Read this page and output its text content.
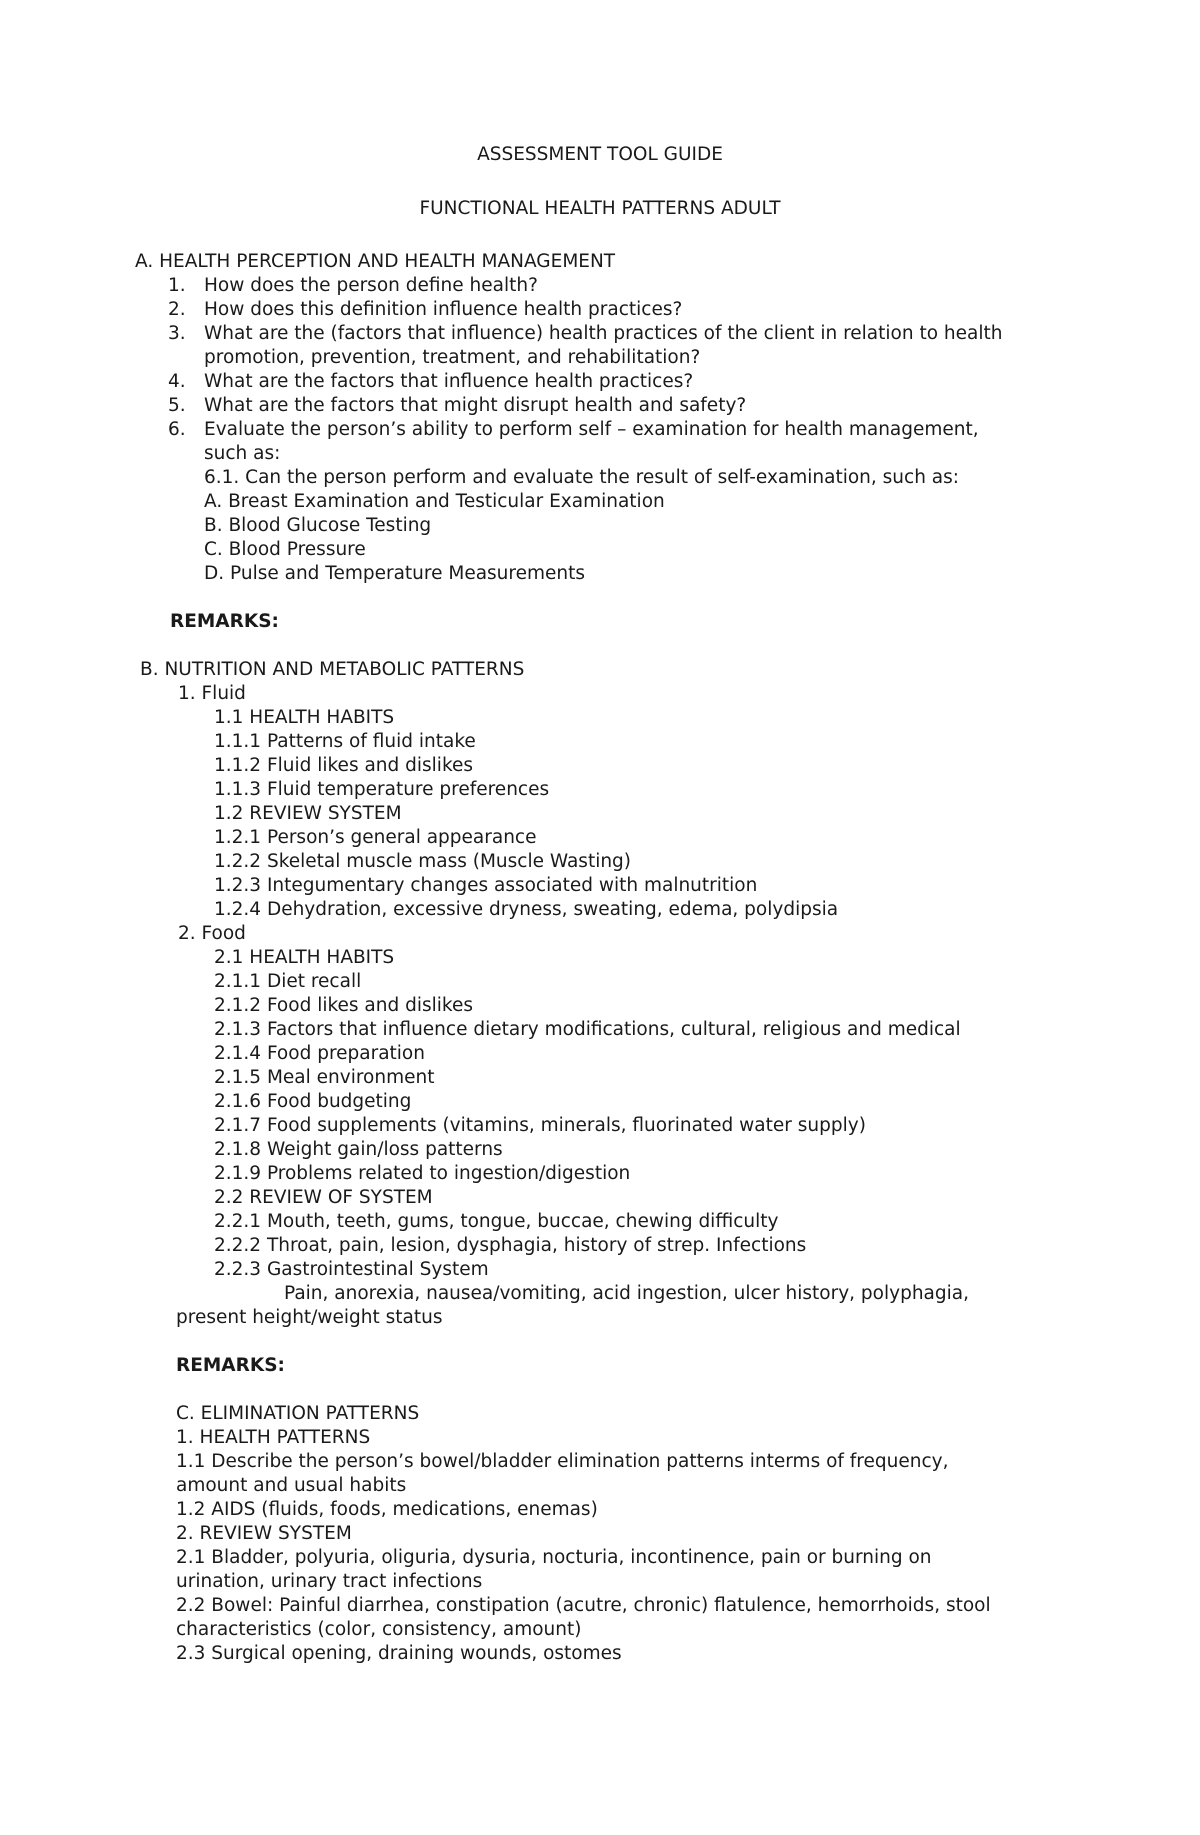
ASSESSMENT TOOL GUIDE
FUNCTIONAL HEALTH PATTERNS ADULT
A. HEALTH PERCEPTION AND HEALTH MANAGEMENT
1. How does the person define health?
2. How does this definition influence health practices?
3. What are the (factors that influence) health practices of the client in relation to health
promotion, prevention, treatment, and rehabilitation?
4. What are the factors that influence health practices?
5. What are the factors that might disrupt health and safety?
6. Evaluate the person’s ability to perform self – examination for health management,
such as:
6.1. Can the person perform and evaluate the result of self-examination, such as:
A. Breast Examination and Testicular Examination
B. Blood Glucose Testing
C. Blood Pressure
D. Pulse and Temperature Measurements
REMARKS:
B. NUTRITION AND METABOLIC PATTERNS
1. Fluid
1.1 HEALTH HABITS
1.1.1 Patterns of fluid intake
1.1.2 Fluid likes and dislikes
1.1.3 Fluid temperature preferences
1.2 REVIEW SYSTEM
1.2.1 Person’s general appearance
1.2.2 Skeletal muscle mass (Muscle Wasting)
1.2.3 Integumentary changes associated with malnutrition
1.2.4 Dehydration, excessive dryness, sweating, edema, polydipsia
2. Food
2.1 HEALTH HABITS
2.1.1 Diet recall
2.1.2 Food likes and dislikes
2.1.3 Factors that influence dietary modifications, cultural, religious and medical
2.1.4 Food preparation
2.1.5 Meal environment
2.1.6 Food budgeting
2.1.7 Food supplements (vitamins, minerals, fluorinated water supply)
2.1.8 Weight gain/loss patterns
2.1.9 Problems related to ingestion/digestion
2.2 REVIEW OF SYSTEM
2.2.1 Mouth, teeth, gums, tongue, buccae, chewing difficulty
2.2.2 Throat, pain, lesion, dysphagia, history of strep. Infections
2.2.3 Gastrointestinal System
Pain, anorexia, nausea/vomiting, acid ingestion, ulcer history, polyphagia,
present height/weight status
REMARKS:
C. ELIMINATION PATTERNS
1. HEALTH PATTERNS
1.1 Describe the person’s bowel/bladder elimination patterns interms of frequency,
amount and usual habits
1.2 AIDS (fluids, foods, medications, enemas)
2. REVIEW SYSTEM
2.1 Bladder, polyuria, oliguria, dysuria, nocturia, incontinence, pain or burning on
urination, urinary tract infections
2.2 Bowel: Painful diarrhea, constipation (acutre, chronic) flatulence, hemorrhoids, stool
characteristics (color, consistency, amount)
2.3 Surgical opening, draining wounds, ostomes
